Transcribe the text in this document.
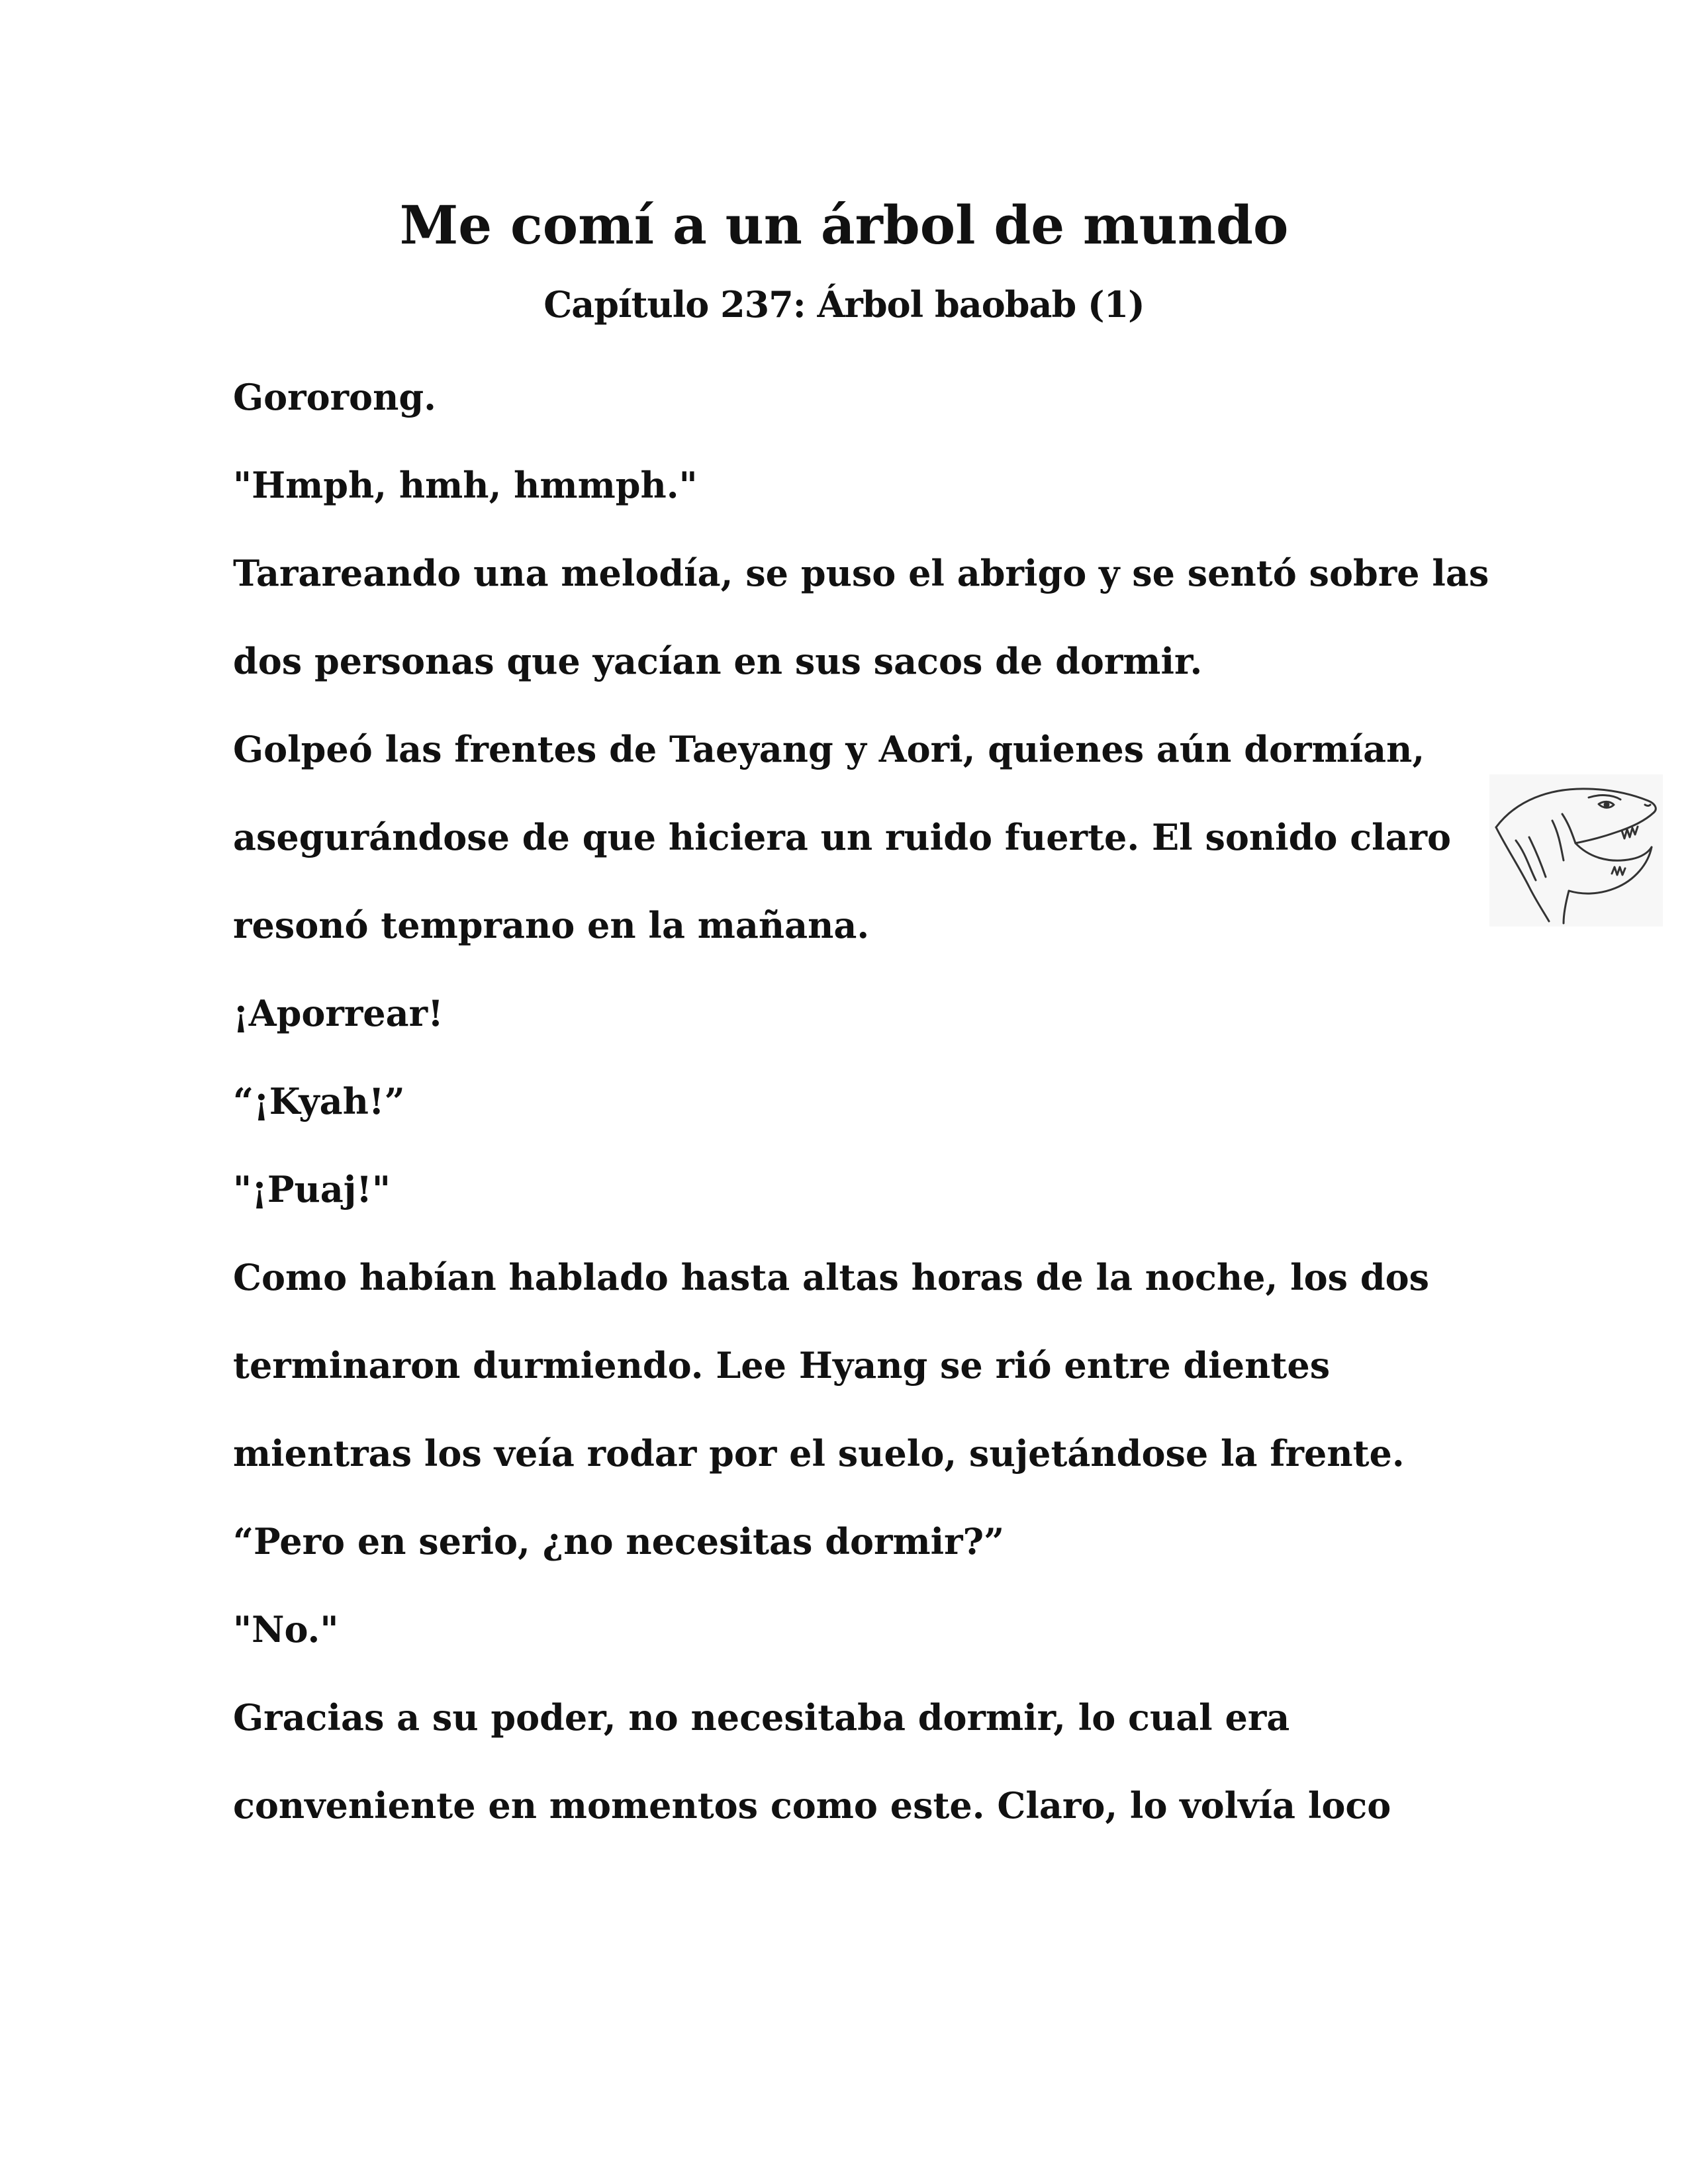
Me comí a un árbol de mundo
Capítulo 237: Árbol baobab (1)
Gororong.
"Hmph, hmh, hmmph."
Tarareando una melodía, se puso el abrigo y se sentó sobre las
dos personas que yacían en sus sacos de dormir.
Golpeó las frentes de Taeyang y Aori, quienes aún dormían,
asegurándose de que hiciera un ruido fuerte. El sonido claro
resonó temprano en la mañana.
¡Aporrear!
“¡Kyah!”
"¡Puaj!"
Como habían hablado hasta altas horas de la noche, los dos
terminaron durmiendo. Lee Hyang se rió entre dientes
mientras los veía rodar por el suelo, sujetándose la frente.
“Pero en serio, ¿no necesitas dormir?”
"No."
Gracias a su poder, no necesitaba dormir, lo cual era
conveniente en momentos como este. Claro, lo volvía loco
